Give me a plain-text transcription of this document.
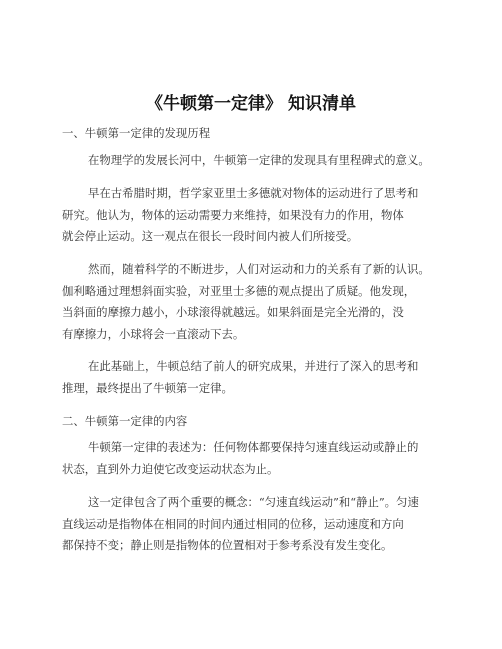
《牛顿第一定律》 知识清单
一、牛顿第一定律的发现历程
在物理学的发展长河中，牛顿第一定律的发现具有里程碑式的意义。
早在古希腊时期，哲学家亚里士多德就对物体的运动进行了思考和
研究。他认为，物体的运动需要力来维持，如果没有力的作用，物体
就会停止运动。这一观点在很长一段时间内被人们所接受。
然而，随着科学的不断进步，人们对运动和力的关系有了新的认识。
伽利略通过理想斜面实验，对亚里士多德的观点提出了质疑。他发现，
当斜面的摩擦力越小，小球滚得就越远。如果斜面是完全光滑的，没
有摩擦力，小球将会一直滚动下去。
在此基础上，牛顿总结了前人的研究成果，并进行了深入的思考和
推理，最终提出了牛顿第一定律。
二、牛顿第一定律的内容
牛顿第一定律的表述为：任何物体都要保持匀速直线运动或静止的
状态，直到外力迫使它改变运动状态为止。
这一定律包含了两个重要的概念：“匀速直线运动”和“静止”。匀速
直线运动是指物体在相同的时间内通过相同的位移，运动速度和方向
都保持不变；静止则是指物体的位置相对于参考系没有发生变化。
